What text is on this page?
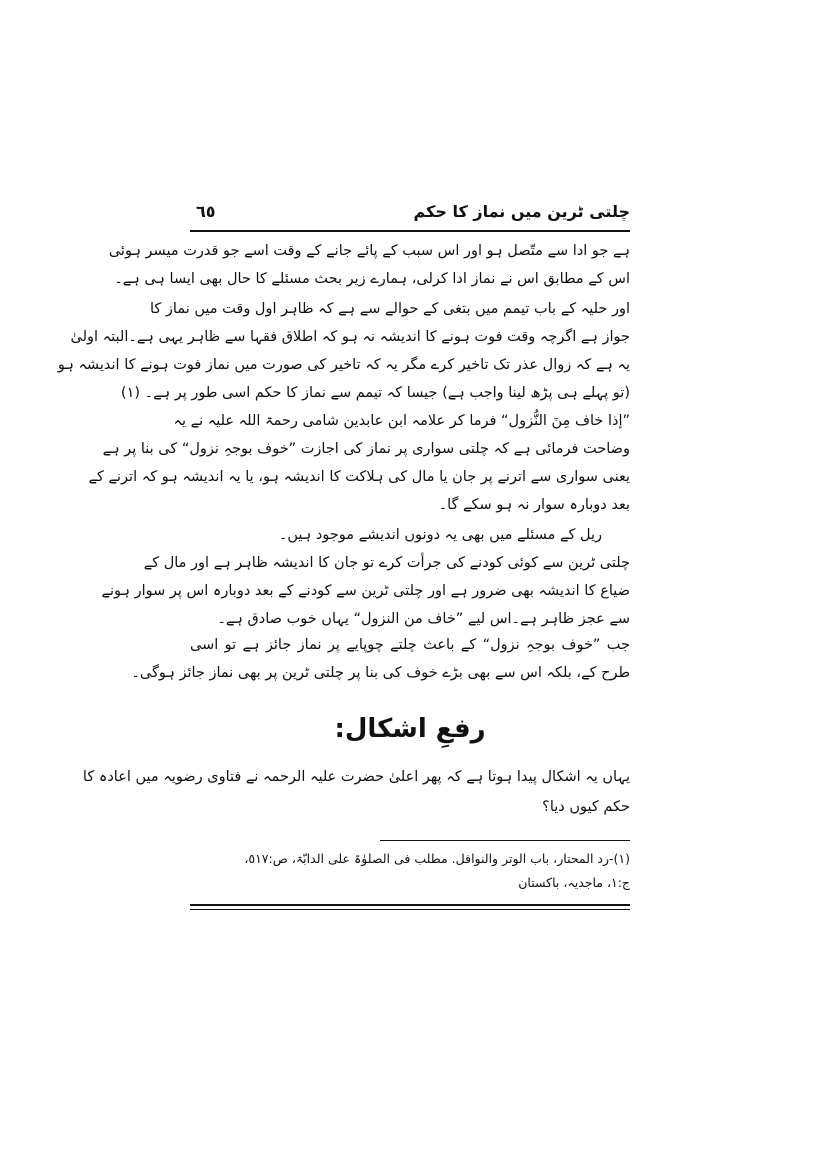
چلتی ٹرین میں نماز کا حکم
٦٥
ہے جو ادا سے متّصل ہو اور اس سبب کے پائے جانے کے وقت اسے جو قدرت میسر ہوئی
اس کے مطابق اس نے نماز ادا کرلی، ہمارے زیر بحث مسئلے کا حال بھی ایسا ہی ہے۔
اور حلیہ کے باب تیمم میں بتغی کے حوالے سے ہے کہ ظاہر اول وقت میں نماز کا
جواز ہے اگرچہ وقت فوت ہونے کا اندیشہ نہ ہو کہ اطلاق فقہا سے ظاہر یہی ہے۔البتہ اولیٰ
یہ ہے کہ زوال عذر تک تاخیر کرے مگر یہ کہ تاخیر کی صورت میں نماز فوت ہونے کا اندیشہ ہو
(تو پہلے ہی پڑھ لینا واجب ہے) جیسا کہ تیمم سے نماز کا حکم اسی طور پر ہے۔ (۱)
”إذا خاف مِنَ النُّزول“ فرما کر علامہ ابن عابدین شامی رحمۃ اللہ علیہ نے یہ
وضاحت فرمائی ہے کہ چلتی سواری پر نماز کی اجازت ”خوف بوجہِ نزول“ کی بنا پر ہے
یعنی سواری سے اترنے پر جان یا مال کی ہلاکت کا اندیشہ ہو، یا یہ اندیشہ ہو کہ اترنے کے
بعد دوبارہ سوار نہ ہو سکے گا۔
ریل کے مسئلے میں بھی یہ دونوں اندیشے موجود ہیں۔
چلتی ٹرین سے کوئی کودنے کی جرأت کرے تو جان کا اندیشہ ظاہر ہے اور مال کے
ضیاع کا اندیشہ بھی ضرور ہے اور چلتی ٹرین سے کودنے کے بعد دوبارہ اس پر سوار ہونے
سے عجز ظاہر ہے۔اس لیے ”خاف من النزول“ یہاں خوب صادق ہے۔
جب ”خوف بوجہِ نزول“ کے باعث چلتے چوپایے پر نماز جائز ہے تو اسی
طرح کے، بلکہ اس سے بھی بڑے خوف کی بنا پر چلتی ٹرین پر بھی نماز جائز ہوگی۔
رفعِ اشکال:
یہاں یہ اشکال پیدا ہوتا ہے کہ پھر اعلیٰ حضرت علیہ الرحمہ نے فتاوی رضویہ میں اعادہ کا
حکم کیوں دیا؟
(۱)-رد المحتار، باب الوتر والنوافل. مطلب فی الصلوٰۃ علی الدابّۃ، ص:٥١٧،
ج:۱، ماجدیہ، باکستان
